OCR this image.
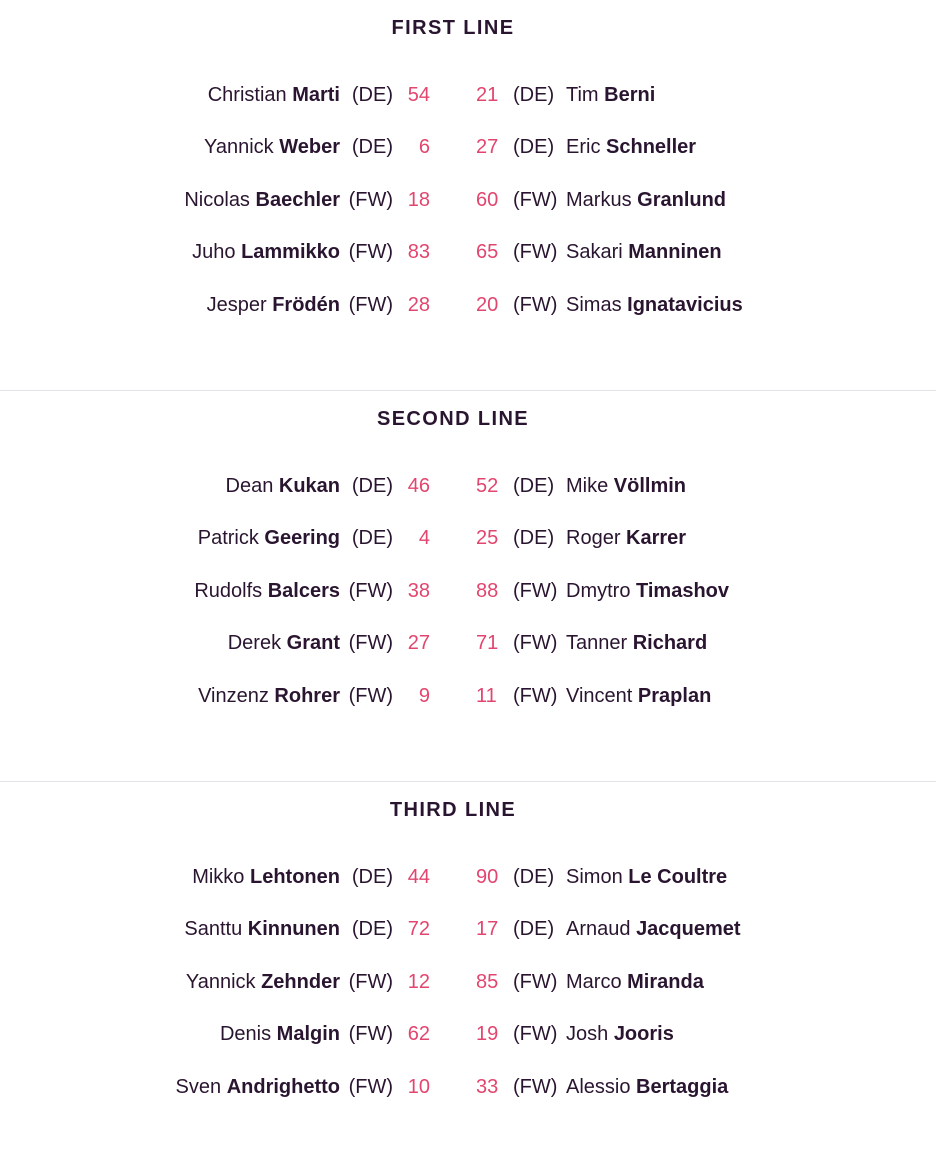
FIRST LINE
Christian Marti (DE) 54 21 (DE) Tim Berni
Yannick Weber (DE) 6 27 (DE) Eric Schneller
Nicolas Baechler (FW) 18 60 (FW) Markus Granlund
Juho Lammikko (FW) 83 65 (FW) Sakari Manninen
Jesper Frödén (FW) 28 20 (FW) Simas Ignatavicius
SECOND LINE
Dean Kukan (DE) 46 52 (DE) Mike Völlmin
Patrick Geering (DE) 4 25 (DE) Roger Karrer
Rudolfs Balcers (FW) 38 88 (FW) Dmytro Timashov
Derek Grant (FW) 27 71 (FW) Tanner Richard
Vinzenz Rohrer (FW) 9 11 (FW) Vincent Praplan
THIRD LINE
Mikko Lehtonen (DE) 44 90 (DE) Simon Le Coultre
Santtu Kinnunen (DE) 72 17 (DE) Arnaud Jacquemet
Yannick Zehnder (FW) 12 85 (FW) Marco Miranda
Denis Malgin (FW) 62 19 (FW) Josh Jooris
Sven Andrighetto (FW) 10 33 (FW) Alessio Bertaggia
